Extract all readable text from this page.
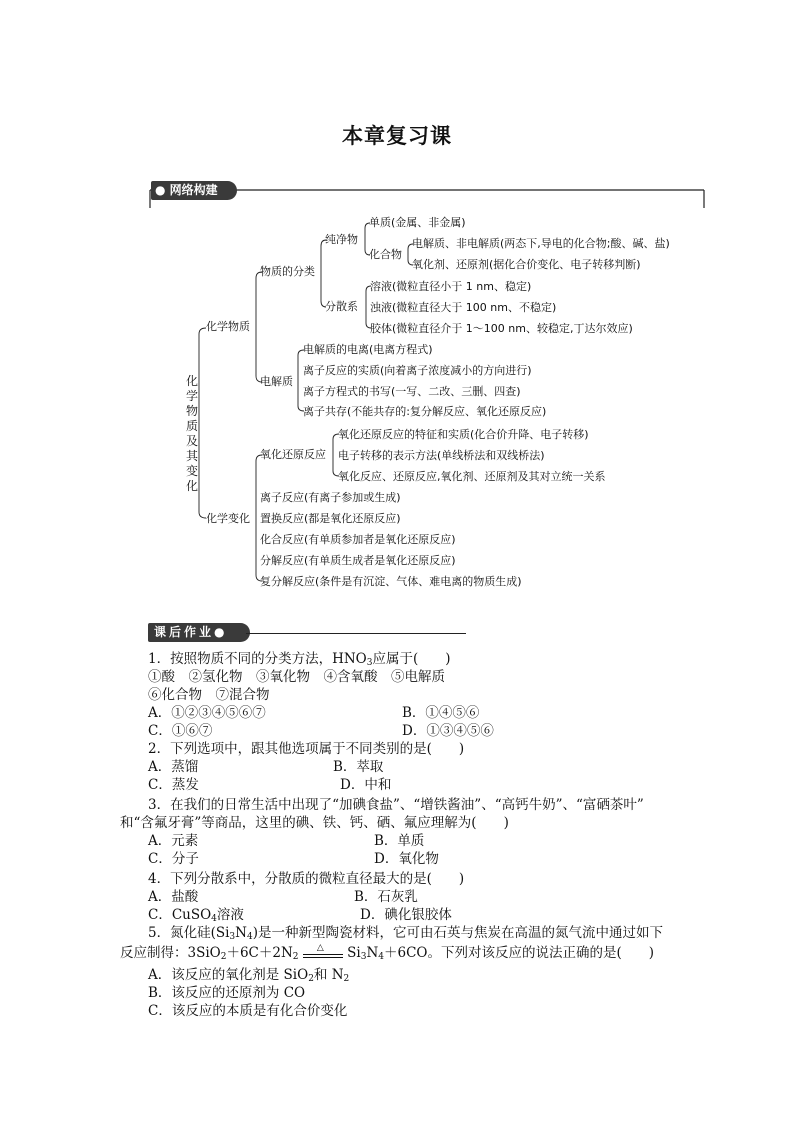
本章复习课
● 网络构建
化学物质及其变化
化学物质
物质的分类
纯净物
单质(金属、非金属)
化合物
电解质、非电解质(两态下,导电的化合物;酸、碱、盐)
氧化剂、还原剂(据化合价变化、电子转移判断)
分散系
溶液(微粒直径小于 1 nm、稳定)
浊液(微粒直径大于 100 nm、不稳定)
胶体(微粒直径介于 1～100 nm、较稳定,丁达尔效应)
电解质
电解质的电离(电离方程式)
离子反应的实质(向着离子浓度减小的方向进行)
离子方程式的书写(一写、二改、三删、四查)
离子共存(不能共存的:复分解反应、氧化还原反应)
化学变化
氧化还原反应
氧化还原反应的特征和实质(化合价升降、电子转移)
电子转移的表示方法(单线桥法和双线桥法)
氧化反应、还原反应,氧化剂、还原剂及其对立统一关系
离子反应(有离子参加或生成)
置换反应(都是氧化还原反应)
化合反应(有单质参加者是氧化还原反应)
分解反应(有单质生成者是氧化还原反应)
复分解反应(条件是有沉淀、气体、难电离的物质生成)
课后作业●
1．按照物质不同的分类方法，$HNO_3$应属于(　　)
①酸　②氢化物　③氧化物　④含氧酸　⑤电解质
⑥化合物　⑦混合物
A．①②③④⑤⑥⑦	B．①④⑤⑥
C．①⑥⑦	D．①③④⑤⑥
2．下列选项中，跟其他选项属于不同类别的是(　　)
A．蒸馏	B．萃取
C．蒸发	D．中和
3．在我们的日常生活中出现了“加碘食盐”、“增铁酱油”、“高钙牛奶”、“富硒茶叶”
和“含氟牙膏”等商品，这里的碘、铁、钙、硒、氟应理解为(　　)
A．元素	B．单质
C．分子	D．氧化物
4．下列分散系中，分散质的微粒直径最大的是(　　)
A．盐酸	B．石灰乳
C．CuSO$_4$溶液	D．碘化银胶体
5．氮化硅$(Si_3N_4)$是一种新型陶瓷材料，它可由石英与焦炭在高温的氮气流中通过如下
反应制得：$3SiO_2+6C+2N_2$
△ $Si_3N_4+6CO$。下列对该反应的说法正确的是(　　)
A．该反应的氧化剂是 SiO$_2$和 $N_2$
B．该反应的还原剂为 CO
C．该反应的本质是有化合价变化
